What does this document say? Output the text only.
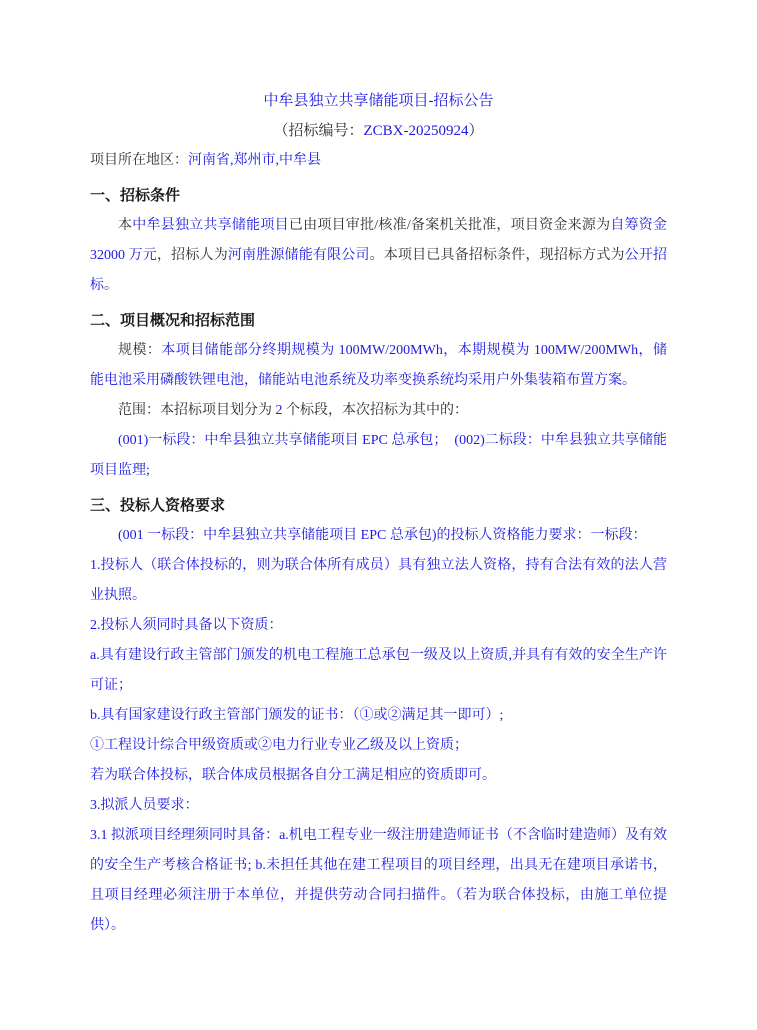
中牟县独立共享储能项目-招标公告
（招标编号：ZCBX-20250924）

项目所在地区：河南省,郑州市,中牟县

一、招标条件

本中牟县独立共享储能项目已由项目审批/核准/备案机关批准，项目资金来源为自筹资金 32000 万元，招标人为河南胜源储能有限公司。本项目已具备招标条件，现招标方式为公开招标。

二、项目概况和招标范围

规模：本项目储能部分终期规模为 100MW/200MWh，本期规模为 100MW/200MWh，储能电池采用磷酸铁锂电池，储能站电池系统及功率变换系统均采用户外集装箱布置方案。

范围：本招标项目划分为 2 个标段，本次招标为其中的：

(001)一标段：中牟县独立共享储能项目 EPC 总承包；　(002)二标段：中牟县独立共享储能项目监理;

三、投标人资格要求

(001 一标段：中牟县独立共享储能项目 EPC 总承包)的投标人资格能力要求：一标段：

1.投标人（联合体投标的，则为联合体所有成员）具有独立法人资格，持有合法有效的法人营业执照。

2.投标人须同时具备以下资质：

a.具有建设行政主管部门颁发的机电工程施工总承包一级及以上资质,并具有有效的安全生产许可证；

b.具有国家建设行政主管部门颁发的证书：（①或②满足其一即可）;

①工程设计综合甲级资质或②电力行业专业乙级及以上资质；

若为联合体投标，联合体成员根据各自分工满足相应的资质即可。

3.拟派人员要求：

3.1 拟派项目经理须同时具备：a.机电工程专业一级注册建造师证书（不含临时建造师）及有效的安全生产考核合格证书; b.未担任其他在建工程项目的项目经理，出具无在建项目承诺书，且项目经理必须注册于本单位，并提供劳动合同扫描件。（若为联合体投标，由施工单位提供）。
